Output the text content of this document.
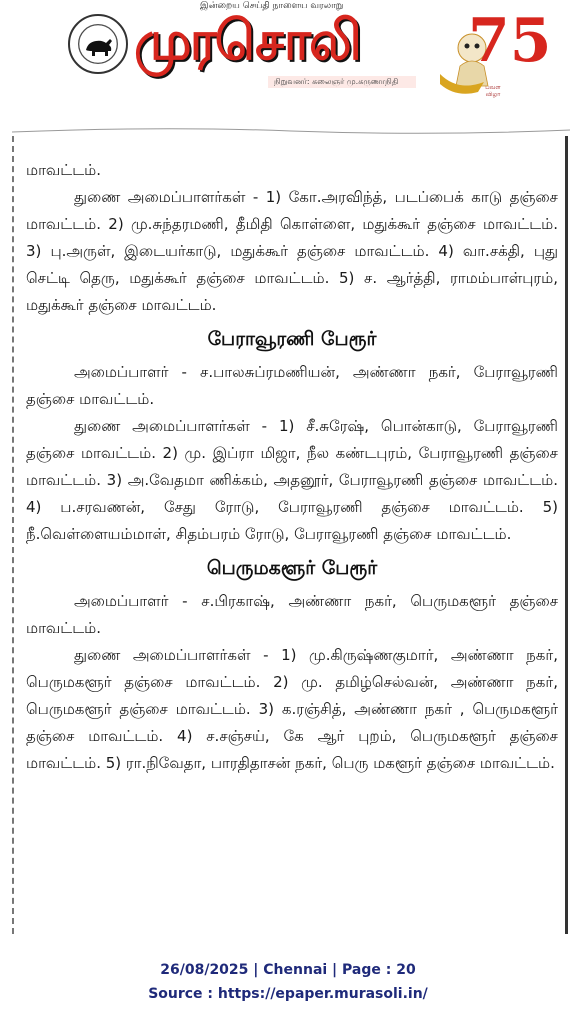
இன்றைய செய்தி நாளைய வரலாறு
முரசொலி
நிறுவனர்: கலைஞர் மு.கருணாநிதி
75
பவள விழா

மாவட்டம்.

துணை அமைப்பாளர்கள் - 1) கோ.அரவிந்த், படப்பைக் காடு தஞ்சை மாவட்டம். 2) மு.சுந்தரமணி, தீமிதி கொள்ளை, மதுக்கூர் தஞ்சை மாவட்டம். 3) பு.அருள், இடையர்காடு, மதுக்கூர் தஞ்சை மாவட்டம். 4) வா.சக்தி, புது செட்டி தெரு, மதுக்கூர் தஞ்சை மாவட்டம். 5) ச. ஆர்த்தி, ராமம்பாள்புரம், மதுக்கூர் தஞ்சை மாவட்டம்.

பேராவூரணி பேரூர்

அமைப்பாளர் - ச.பாலசுப்ரமணியன், அண்ணா நகர், பேராவூரணி தஞ்சை மாவட்டம்.

துணை அமைப்பாளர்கள் - 1) சீ.சுரேஷ், பொன்காடு, பேராவூரணி தஞ்சை மாவட்டம். 2) மு. இப்ரா மிஜா, நீல கண்டபுரம், பேராவூரணி தஞ்சை மாவட்டம். 3) அ.வேதமா ணிக்கம், அதனூர், பேராவூரணி தஞ்சை மாவட்டம். 4) ப.சரவணன், சேது ரோடு, பேராவூரணி தஞ்சை மாவட்டம். 5) நீ.வெள்ளையம்மாள், சிதம்பரம் ரோடு, பேராவூரணி தஞ்சை மாவட்டம்.

பெருமகளூர் பேரூர்

அமைப்பாளர் - ச.பிரகாஷ், அண்ணா நகர், பெருமகளூர் தஞ்சை மாவட்டம்.

துணை அமைப்பாளர்கள் - 1) மு.கிருஷ்ணகுமார், அண்ணா நகர், பெருமகளூர் தஞ்சை மாவட்டம். 2) மு. தமிழ்செல்வன், அண்ணா நகர், பெருமகளூர் தஞ்சை மாவட்டம். 3) க.ரஞ்சித், அண்ணா நகர் , பெருமகளூர் தஞ்சை மாவட்டம். 4) ச.சஞ்சய், கே ஆர் புறம், பெருமகளூர் தஞ்சை மாவட்டம். 5) ரா.நிவேதா, பாரதிதாசன் நகர், பெரு மகளூர் தஞ்சை மாவட்டம்.

26/08/2025 | Chennai | Page : 20
Source : https://epaper.murasoli.in/
